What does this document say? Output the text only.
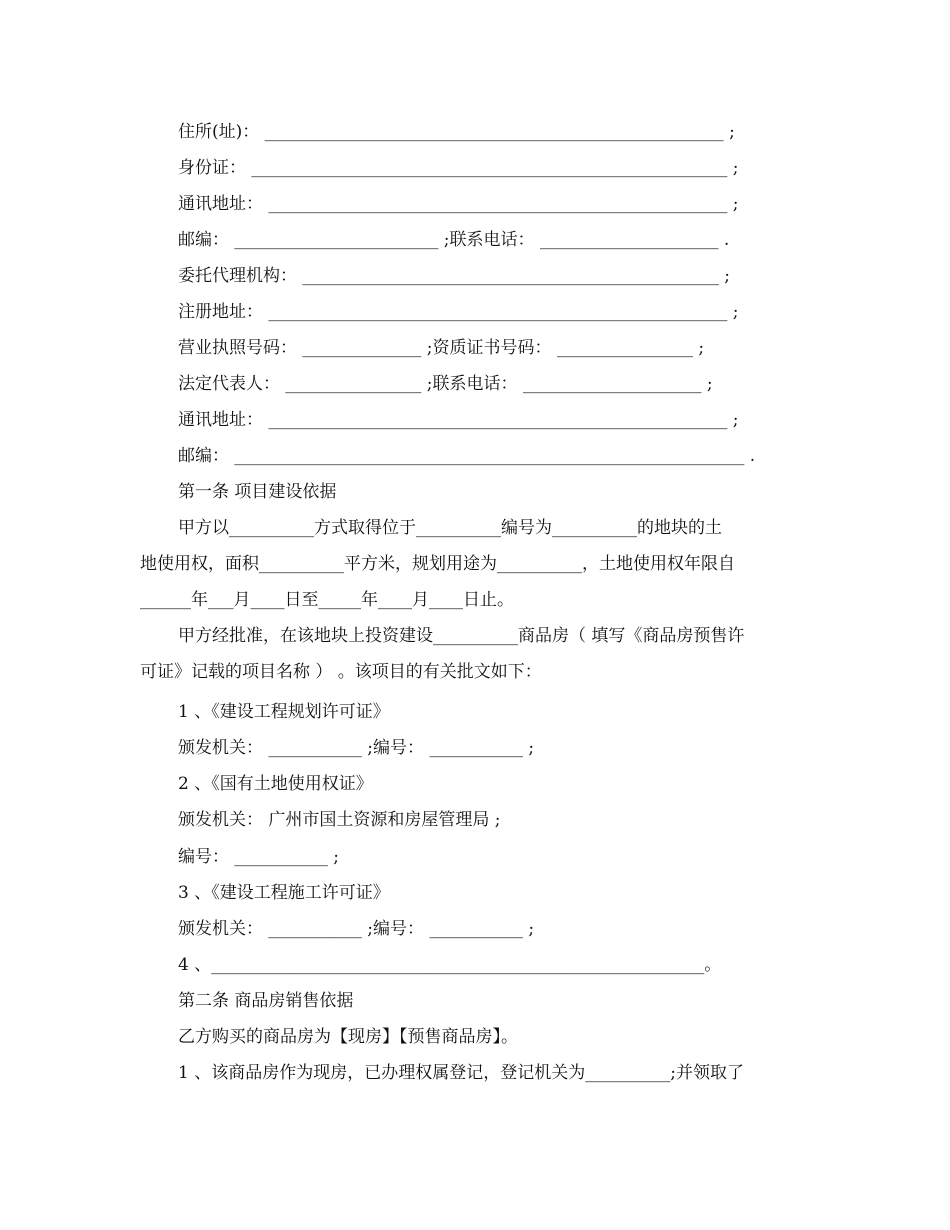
住所(址)： ______________________________________________________ ;
身份证： ________________________________________________________ ;
通讯地址： ______________________________________________________ ;
邮编： ________________________ ;联系电话： _____________________ .
委托代理机构： _________________________________________________ ;
注册地址： ______________________________________________________ ;
营业执照号码： ______________ ;资质证书号码： ________________ ;
法定代表人： ________________ ;联系电话： _____________________ ;
通讯地址： ______________________________________________________ ;
邮编： ____________________________________________________________ .
第一条 项目建设依据
甲方以__________方式取得位于__________编号为__________的地块的土
地使用权，面积__________平方米，规划用途为__________，土地使用权年限自
______年___月____日至_____年____月____日止。
甲方经批准，在该地块上投资建设__________商品房（ 填写《商品房预售许
可证》记载的项目名称 ） 。该项目的有关批文如下：
1 、《建设工程规划许可证》
颁发机关： ___________ ;编号： ___________ ;
2 、《国有土地使用权证》
颁发机关： 广州市国土资源和房屋管理局 ;
编号： ___________ ;
3 、《建设工程施工许可证》
颁发机关： ___________ ;编号： ___________ ;
4 、__________________________________________________________。
第二条 商品房销售依据
乙方购买的商品房为【现房】【预售商品房】。
1 、该商品房作为现房，已办理权属登记，登记机关为__________;并领取了
